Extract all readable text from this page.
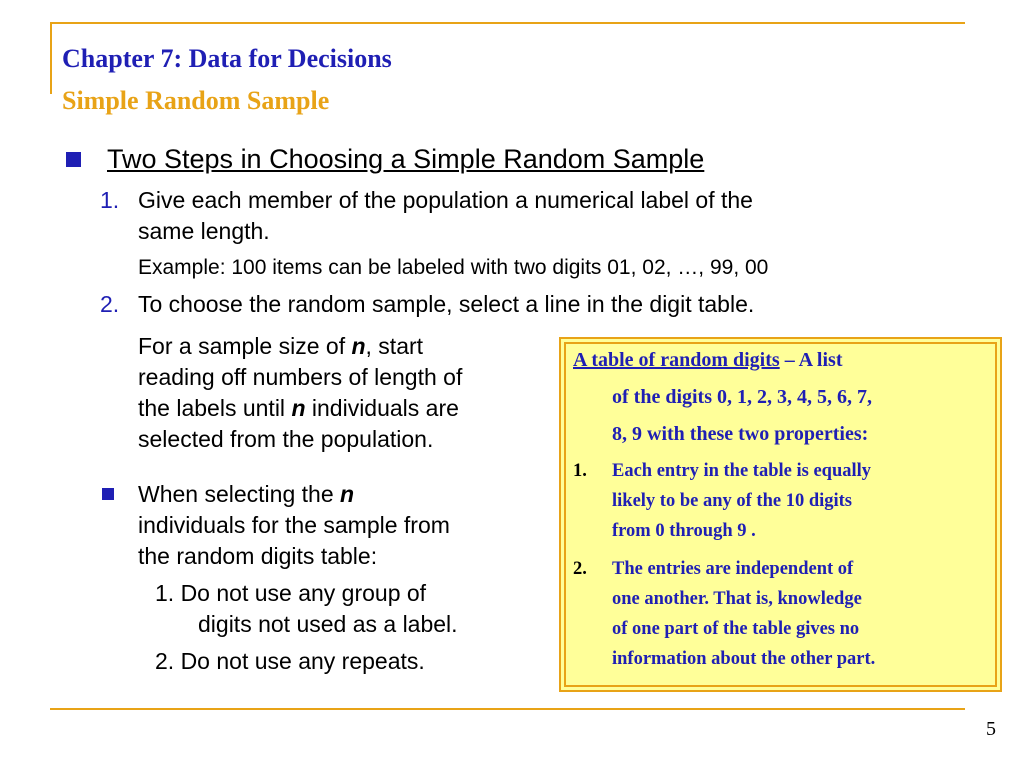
Chapter 7: Data for Decisions
Simple Random Sample
Two Steps in Choosing a Simple Random Sample
1. Give each member of the population a numerical label of the
same length.
Example: 100 items can be labeled with two digits 01, 02, …, 99, 00
2. To choose the random sample, select a line in the digit table.
For a sample size of n, start
reading off numbers of length of
the labels until n individuals are
selected from the population.
When selecting the n
individuals for the sample from
the random digits table:
1. Do not use any group of
digits not used as a label.
2. Do not use any repeats.
A table of random digits – A list
of the digits 0, 1, 2, 3, 4, 5, 6, 7,
8, 9 with these two properties:
1. Each entry in the table is equally
likely to be any of the 10 digits
from 0 through 9 .
2. The entries are independent of
one another. That is, knowledge
of one part of the table gives no
information about the other part.
5
